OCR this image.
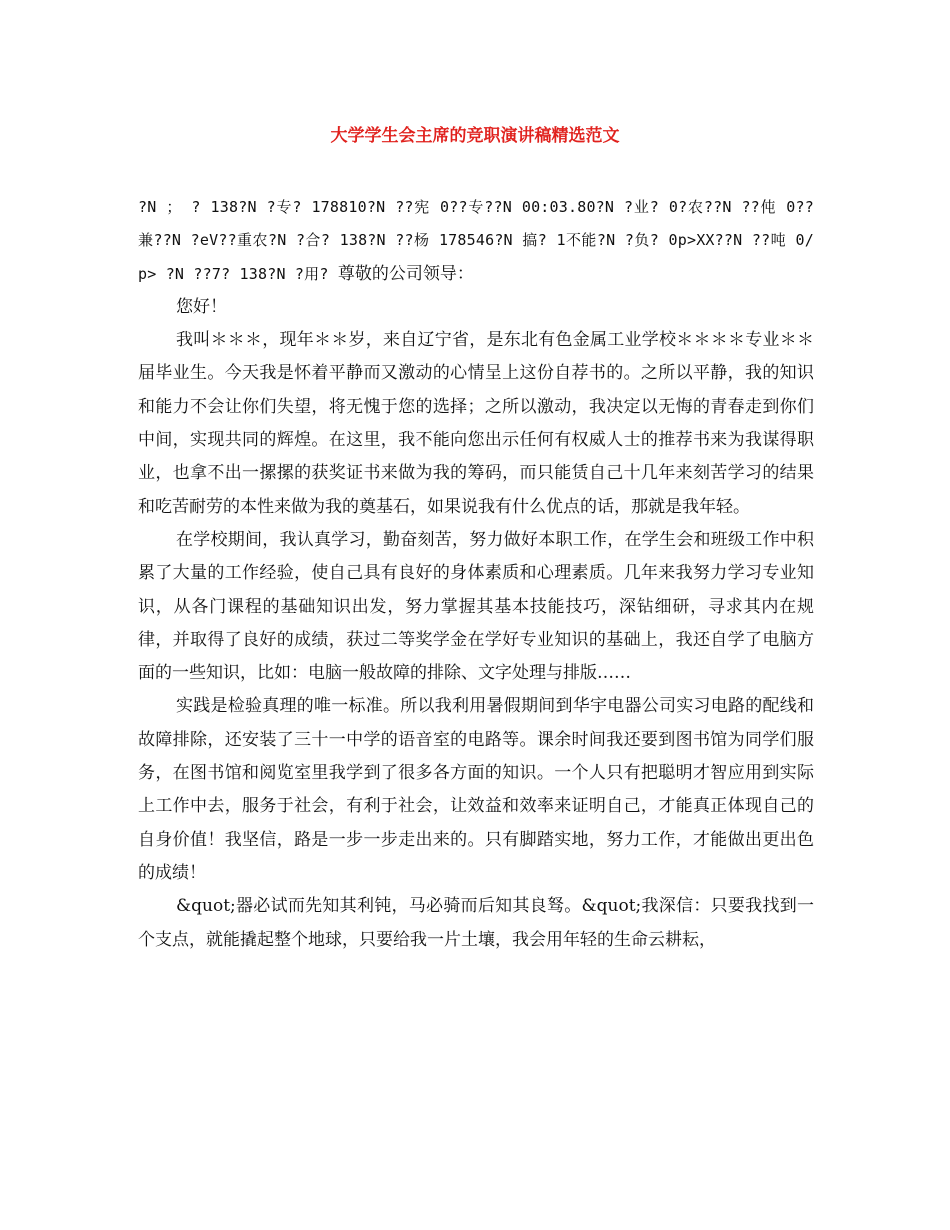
大学学生会主席的竞职演讲稿精选范文

?N ； ? 138?N ?专? 178810?N ??宪 0??专??N 00:03.80?N ?业? 0?农??N ??伅 0??兼??N ?eV??重农?N ?合? 138?N ??杨 178546?N 搞? 1不能?N ?负? 0p>XX??N ??吨 0/p> ?N ??7? 138?N ?用? 尊敬的公司领导：

您好！

我叫＊＊＊，现年＊＊岁，来自辽宁省，是东北有色金属工业学校＊＊＊＊专业＊＊届毕业生。今天我是怀着平静而又激动的心情呈上这份自荐书的。之所以平静，我的知识和能力不会让你们失望，将无愧于您的选择；之所以激动，我决定以无悔的青春走到你们中间，实现共同的辉煌。在这里，我不能向您出示任何有权威人士的推荐书来为我谋得职业，也拿不出一摞摞的获奖证书来做为我的筹码，而只能赁自己十几年来刻苦学习的结果和吃苦耐劳的本性来做为我的奠基石，如果说我有什么优点的话，那就是我年轻。

在学校期间，我认真学习，勤奋刻苦，努力做好本职工作，在学生会和班级工作中积累了大量的工作经验，使自己具有良好的身体素质和心理素质。几年来我努力学习专业知识，从各门课程的基础知识出发，努力掌握其基本技能技巧，深钻细研，寻求其内在规律，并取得了良好的成绩，获过二等奖学金在学好专业知识的基础上，我还自学了电脑方面的一些知识，比如：电脑一般故障的排除、文字处理与排版……

实践是检验真理的唯一标准。所以我利用暑假期间到华宇电器公司实习电路的配线和故障排除，还安装了三十一中学的语音室的电路等。课余时间我还要到图书馆为同学们服务，在图书馆和阅览室里我学到了很多各方面的知识。一个人只有把聪明才智应用到实际上工作中去，服务于社会，有利于社会，让效益和效率来证明自己，才能真正体现自己的自身价值！我坚信，路是一步一步走出来的。只有脚踏实地，努力工作，才能做出更出色的成绩！

&quot;器必试而先知其利钝，马必骑而后知其良驽。&quot;我深信：只要我找到一个支点，就能撬起整个地球，只要给我一片土壤，我会用年轻的生命云耕耘，
